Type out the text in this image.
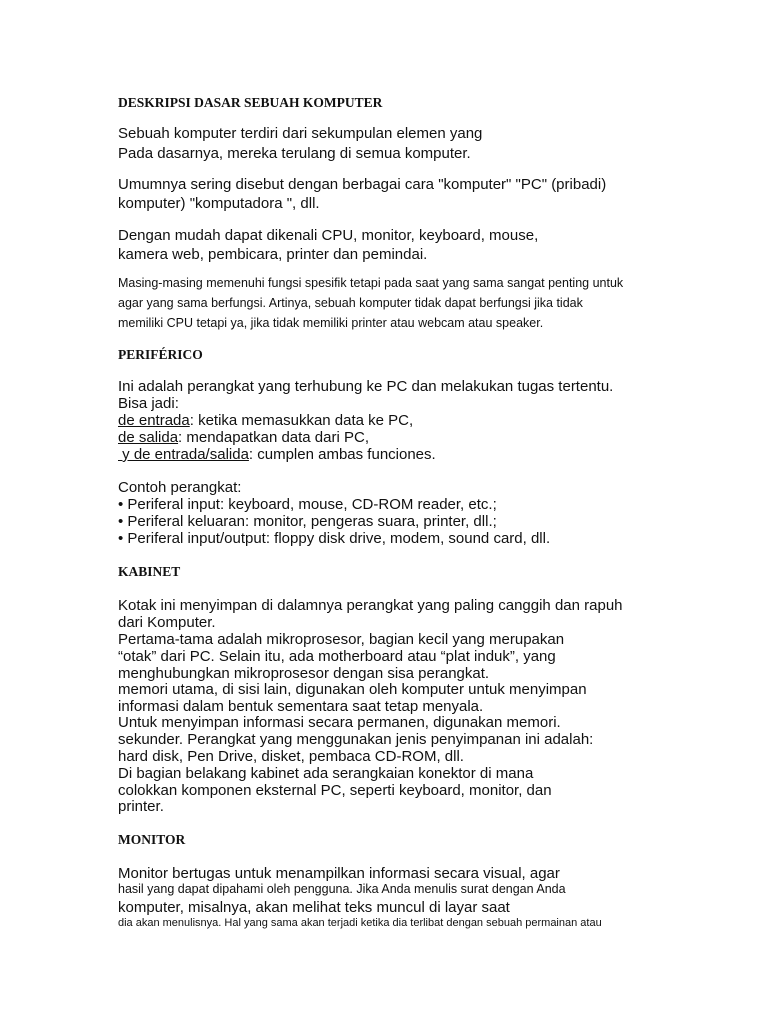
DESKRIPSI DASAR SEBUAH KOMPUTER
Sebuah komputer terdiri dari sekumpulan elemen yang
Pada dasarnya, mereka terulang di semua komputer.
Umumnya sering disebut dengan berbagai cara "komputer" "PC" (pribadi)
komputer) "komputadora ", dll.
Dengan mudah dapat dikenali CPU, monitor, keyboard, mouse,
kamera web, pembicara, printer dan pemindai.
Masing-masing memenuhi fungsi spesifik tetapi pada saat yang sama sangat penting untuk
agar yang sama berfungsi. Artinya, sebuah komputer tidak dapat berfungsi jika tidak
memiliki CPU tetapi ya, jika tidak memiliki printer atau webcam atau speaker.
PERIFÉRICO
Ini adalah perangkat yang terhubung ke PC dan melakukan tugas tertentu.
Bisa jadi:
de entrada: ketika memasukkan data ke PC,
de salida: mendapatkan data dari PC,
y de entrada/salida: cumplen ambas funciones.
Contoh perangkat:
• Periferal input: keyboard, mouse, CD-ROM reader, etc.;
• Periferal keluaran: monitor, pengeras suara, printer, dll.;
• Periferal input/output: floppy disk drive, modem, sound card, dll.
KABINET
Kotak ini menyimpan di dalamnya perangkat yang paling canggih dan rapuh
dari Komputer.
Pertama-tama adalah mikroprosesor, bagian kecil yang merupakan
“otak” dari PC. Selain itu, ada motherboard atau “plat induk”, yang
menghubungkan mikroprosesor dengan sisa perangkat.
memori utama, di sisi lain, digunakan oleh komputer untuk menyimpan
informasi dalam bentuk sementara saat tetap menyala.
Untuk menyimpan informasi secara permanen, digunakan memori.
sekunder. Perangkat yang menggunakan jenis penyimpanan ini adalah:
hard disk, Pen Drive, disket, pembaca CD-ROM, dll.
Di bagian belakang kabinet ada serangkaian konektor di mana
colokkan komponen eksternal PC, seperti keyboard, monitor, dan
printer.
MONITOR
Monitor bertugas untuk menampilkan informasi secara visual, agar
hasil yang dapat dipahami oleh pengguna. Jika Anda menulis surat dengan Anda
komputer, misalnya, akan melihat teks muncul di layar saat
dia akan menulisnya. Hal yang sama akan terjadi ketika dia terlibat dengan sebuah permainan atau
